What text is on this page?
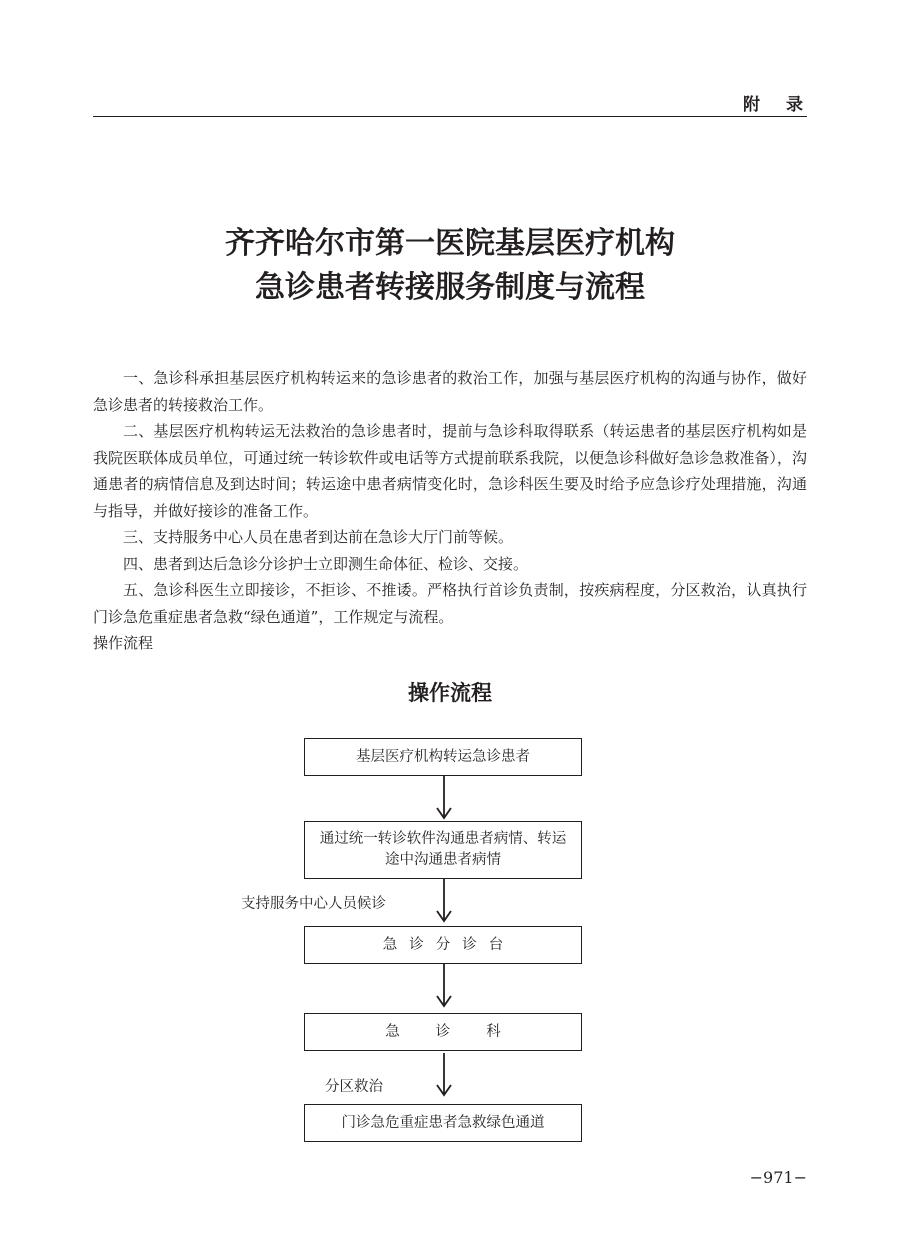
附录
齐齐哈尔市第一医院基层医疗机构
急诊患者转接服务制度与流程

一、急诊科承担基层医疗机构转运来的急诊患者的救治工作，加强与基层医疗机构的沟通与协作，做好急诊患者的转接救治工作。

二、基层医疗机构转运无法救治的急诊患者时，提前与急诊科取得联系（转运患者的基层医疗机构如是我院医联体成员单位，可通过统一转诊软件或电话等方式提前联系我院，以便急诊科做好急诊急救准备），沟通患者的病情信息及到达时间；转运途中患者病情变化时，急诊科医生要及时给予应急诊疗处理措施，沟通与指导，并做好接诊的准备工作。

三、支持服务中心人员在患者到达前在急诊大厅门前等候。

四、患者到达后急诊分诊护士立即测生命体征、检诊、交接。

五、急诊科医生立即接诊，不拒诊、不推诿。严格执行首诊负责制，按疾病程度，分区救治，认真执行门诊急危重症患者急救“绿色通道”，工作规定与流程。

操作流程

操作流程
基层医疗机构转运急诊患者
通过统一转诊软件沟通患者病情、转运途中沟通患者病情
支持服务中心人员候诊
急诊分诊台
急诊科
分区救治
门诊急危重症患者急救绿色通道
−971−
